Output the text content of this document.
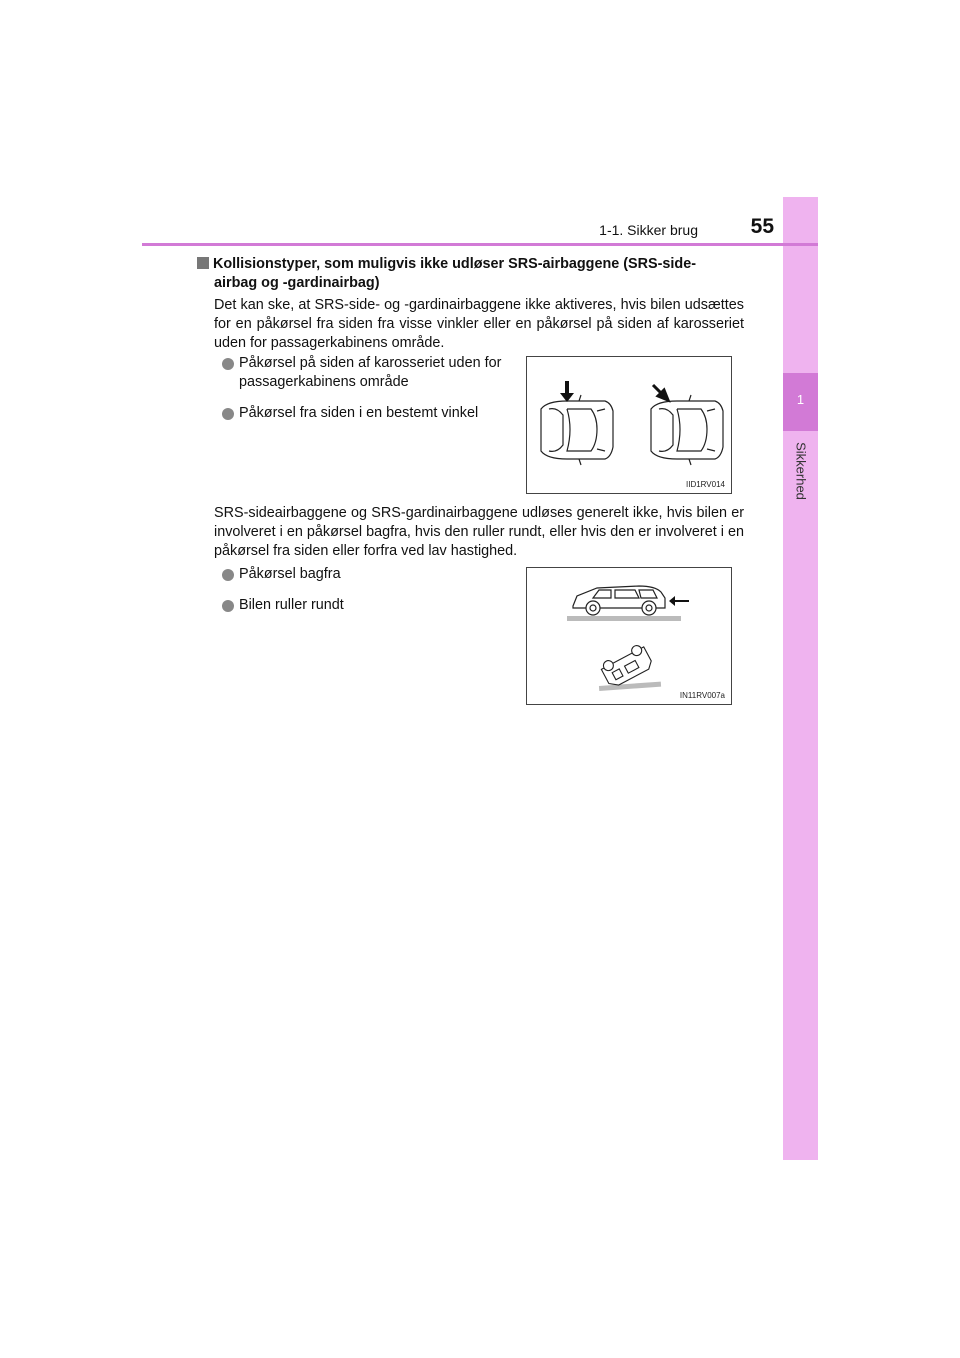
1
Sikkerhed
1-1. Sikker brug	55
Kollisionstyper, som muligvis ikke udløser SRS-airbaggene (SRS-side-
airbag og -gardinairbag)

Det kan ske, at SRS-side- og -gardinairbaggene ikke aktiveres, hvis bilen udsættes for en påkørsel fra siden fra visse vinkler eller en påkørsel på siden af karosseriet uden for passagerkabinens område.

Påkørsel på siden af karosseriet uden for passagerkabinens område
Påkørsel fra siden i en bestemt vinkel
IID1RV014

SRS-sideairbaggene og SRS-gardinairbaggene udløses generelt ikke, hvis bilen er involveret i en påkørsel bagfra, hvis den ruller rundt, eller hvis den er involveret i en påkørsel fra siden eller forfra ved lav hastighed.

Påkørsel bagfra
Bilen ruller rundt
IN11RV007a
